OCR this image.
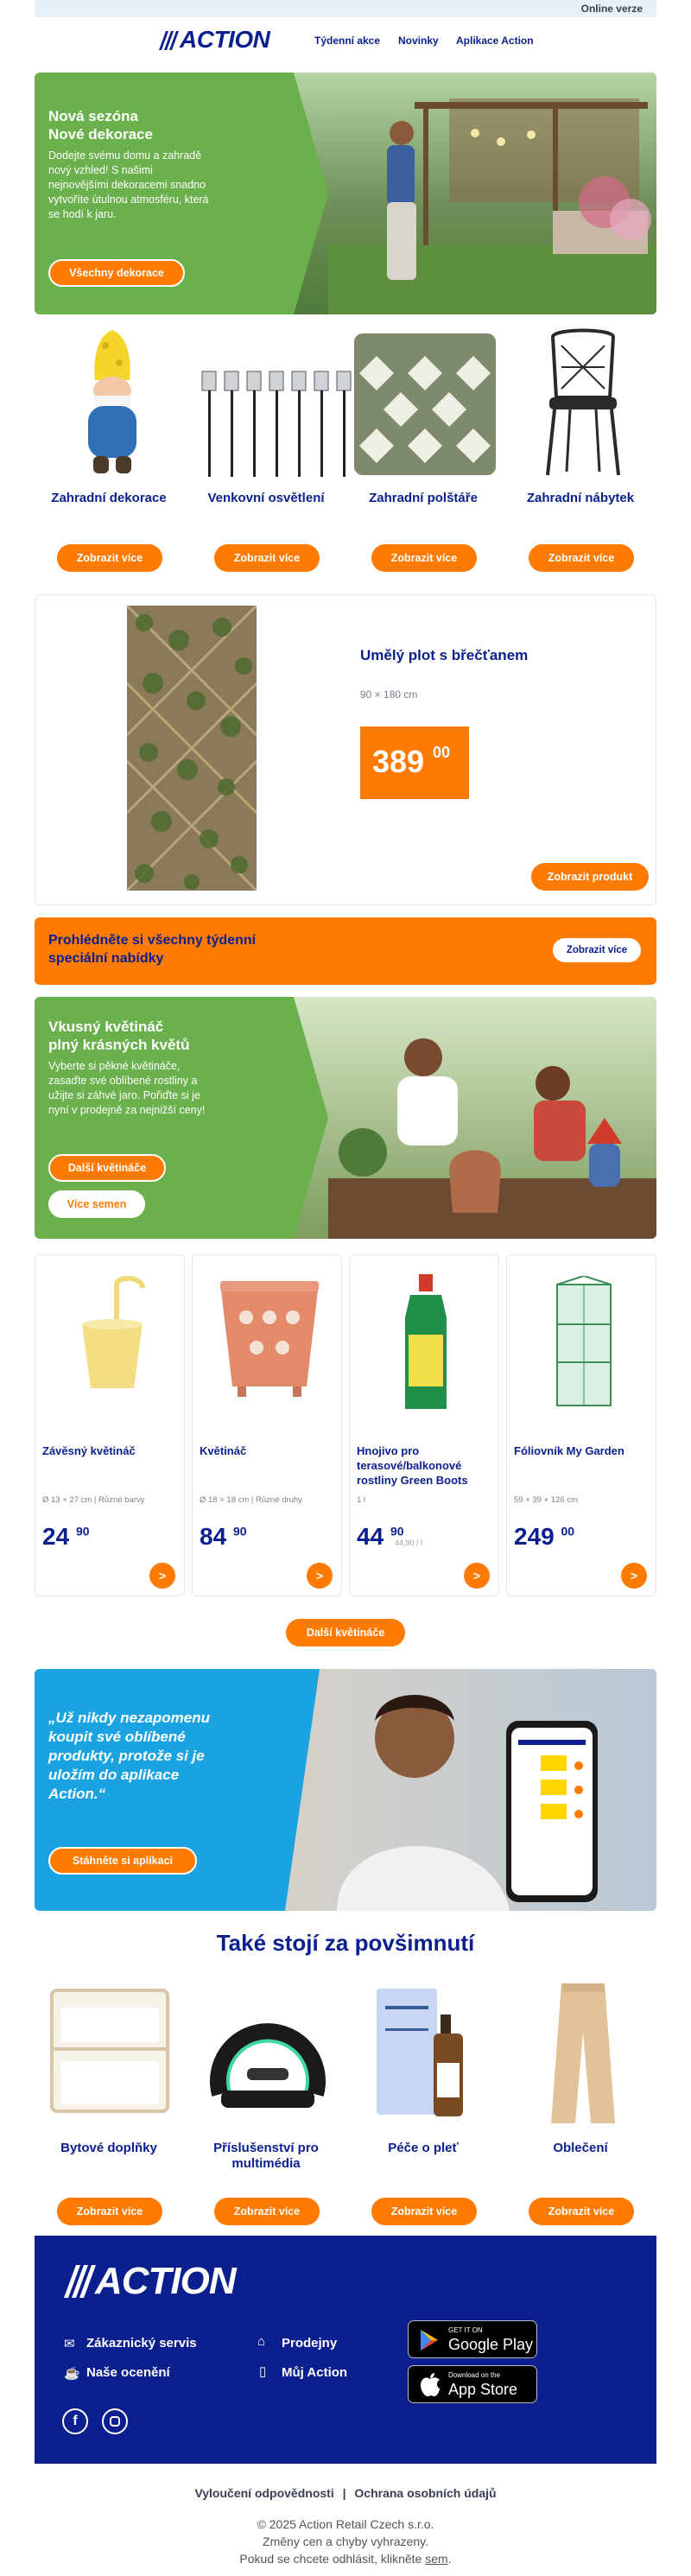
Online verze
ACTION	Týdenní akce Novinky Aplikace Action
Nová sezóna
Nové dekorace
Dodejte svému domu a zahradě nový vzhled! S našimi nejnovějšími dekoracemi snadno vytvoříte útulnou atmosféru, která se hodí k jaru.
Všechny dekorace
Zahradní dekorace	Venkovní osvětlení	Zahradní polštáře	Zahradní nábytek
Zobrazit více	Zobrazit více	Zobrazit více	Zobrazit více
Umělý plot s břečťanem
90 × 180 cm
389 00
Zobrazit produkt
Prohlédněte si všechny týdenní speciální nabídky
Zobrazit více
Vkusný květináč
plný krásných květů
Vyberte si pěkné květináče, zasaďte své oblíbené rostliny a užijte si záhvé jaro. Pořiďte si je nyní v prodejně za nejnižší ceny!
Další květináče
Více semen
Závěsný květináč
Ø 13 × 27 cm | Různé barvy
24 $^{90}$
>
Květináč
Ø 18 × 18 cm | Různé druhy
84 $^{90}$
>
Hnojivo pro terasové/balkonové rostliny Green Boots
1 l
44 $^{90}$
44,90 / l
>
Fóliovník My Garden
59 × 39 × 126 cm
249 $^{00}$
>
Další květináče
„Už nikdy nezapomenu koupit své oblíbené produkty, protože si je uložím do aplikace Action.“
Stáhněte si aplikaci
Také stojí za povšimnutí
Bytové doplňky	Příslušenství pro multimédia
Péče o pleť	Oblečení
Zobrazit více	Zobrazit více	Zobrazit více	Zobrazit více
ACTION
✉ Zákaznický servis	⌂ Prodejny
☕ Naše ocenění	▯ Můj Action
GET IT ON
Google Play
Download on the
App Store
f
Vyloučení odpovědnosti | Ochrana osobních údajů
© 2025 Action Retail Czech s.r.o.
Změny cen a chyby vyhrazeny.
Pokud se chcete odhlásit, klikněte sem.
